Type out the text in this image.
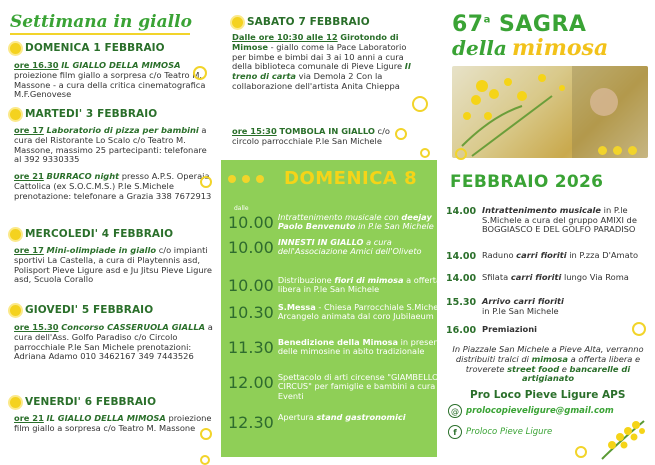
Settimana in giallo
DOMENICA 1 FEBBRAIO
ore 16.30 IL GIALLO DELLA MIMOSA proiezione film giallo a sorpresa c/o Teatro M. Massone - a cura della critica cinematografica M.F.Genovese
MARTEDI' 3 FEBBRAIO
ore 17 Laboratorio di pizza per bambini a cura del Ristorante Lo Scalo c/o Teatro M. Massone, massimo 25 partecipanti: telefonare al 392 9330335
ore 21 BURRACO night presso A.P.S. Operaia Cattolica (ex S.O.C.M.S.) P.le S.Michele prenotazione: telefonare a Grazia 338 7672913
MERCOLEDI' 4 FEBBRAIO
ore 17 Mini-olimpiade in giallo c/o impianti sportivi La Castella, a cura di Playtennis asd, Polisport Pieve Ligure asd e Ju Jitsu Pieve Ligure asd, Scuola Corallo
GIOVEDI' 5 FEBBRAIO
ore 15.30 Concorso CASSERUOLA GIALLA a cura dell'Ass. Golfo Paradiso c/o Circolo parrocchiale P.le San Michele prenotazioni: Adriana Adamo 010 3462167 349 7443526
VENERDI' 6 FEBBRAIO
ore 21 IL GIALLO DELLA MIMOSA proiezione film giallo a sorpresa c/o Teatro M. Massone
SABATO 7 FEBBRAIO
Dalle ore 10:30 alle 12 Girotondo di Mimose - giallo come la Pace Laboratorio per bimbe e bimbi dai 3 ai 10 anni a cura della biblioteca comunale di Pieve Ligure Il treno di carta via Demola 2 Con la collaborazione dell'artista Anita Chieppa
ore 15:30 TOMBOLA IN GIALLO c/o circolo parrocchiale P.le San Michele
67$^a$ SAGRA
della mimosa
DOMENICA 8
dalle
10.00 Intrattenimento musicale con deejay Paolo Benvenuto in P.le San Michele
10.00 INNESTI IN GIALLO a cura dell'Associazione Amici dell'Oliveto
10.00 Distribuzione fiori di mimosa a offerta libera in P.le San Michele
10.30 S.Messa - Chiesa Parrocchiale S.Michele Arcangelo animata dal coro Jubilaeum
11.30 Benedizione della Mimosa in presenza delle mimosine in abito tradizionale
12.00 Spettacolo di arti circense "GIAMBELLO CIRCUS" per famiglie e bambini a cura Jeca Eventi
12.30 Apertura stand gastronomici
FEBBRAIO 2026
14.00 Intrattenimento musicale in P.le S.Michele a cura del gruppo AMIXI de BOGGIASCO E DEL GOLFO PARADISO
14.00 Raduno carri fioriti in P.zza D'Amato
14.00 Sfilata carri fioriti lungo Via Roma
15.30 Arrivo carri fioriti
in P.le San Michele
16.00 Premiazioni
In Piazzale San Michele a Pieve Alta, verranno distribuiti tralci di mimosa a offerta libera e troverete street food e bancarelle di artigianato
Pro Loco Pieve Ligure APS
@ prolocopieveligure@gmail.com
f	Proloco Pieve Ligure
